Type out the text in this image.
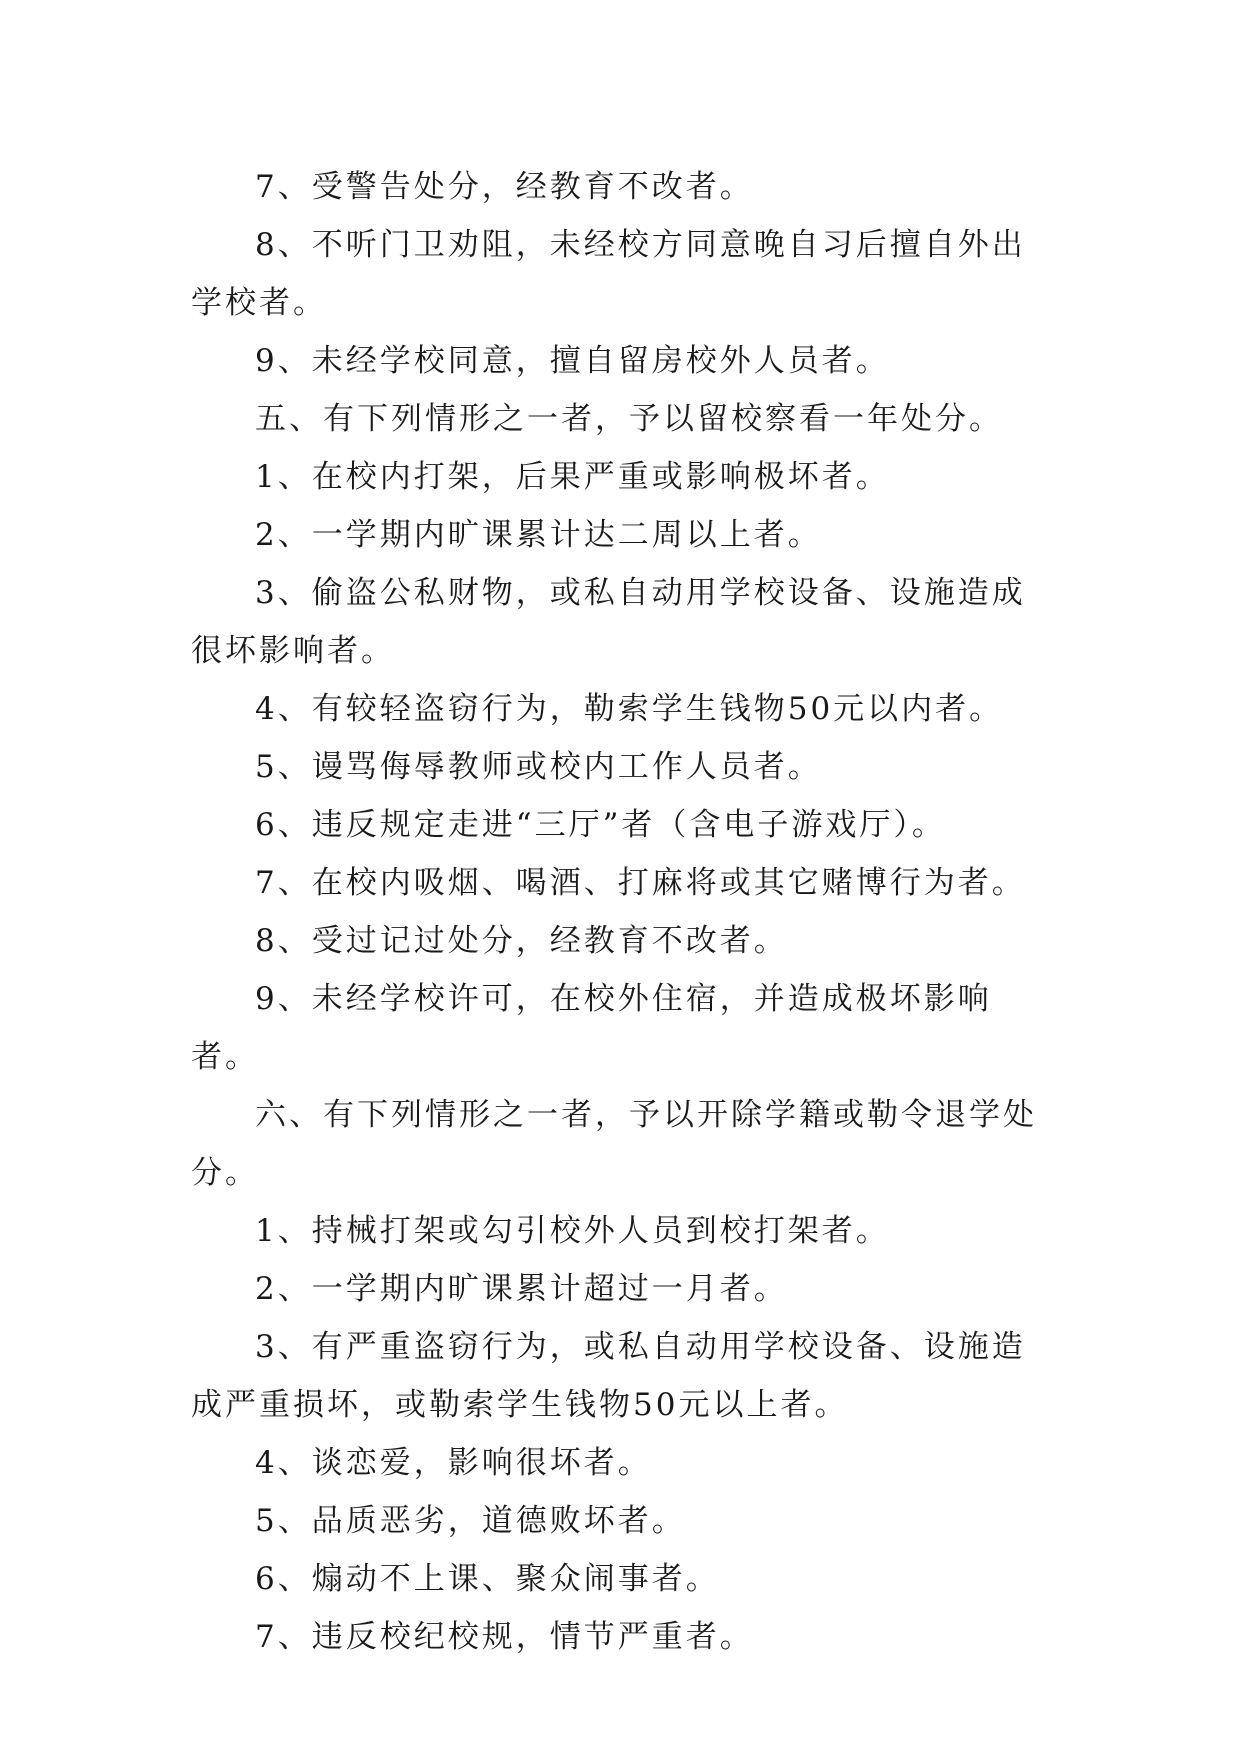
7、受警告处分，经教育不改者。

8、不听门卫劝阻，未经校方同意晚自习后擅自外出学校者。

9、未经学校同意，擅自留房校外人员者。

五、有下列情形之一者，予以留校察看一年处分。

1、在校内打架，后果严重或影响极坏者。

2、一学期内旷课累计达二周以上者。

3、偷盗公私财物，或私自动用学校设备、设施造成很坏影响者。

4、有较轻盗窃行为，勒索学生钱物50元以内者。

5、谩骂侮辱教师或校内工作人员者。

6、违反规定走进“三厅”者（含电子游戏厅）。

7、在校内吸烟、喝酒、打麻将或其它赌博行为者。

8、受过记过处分，经教育不改者。

9、未经学校许可，在校外住宿，并造成极坏影响者。

六、有下列情形之一者，予以开除学籍或勒令退学处分。

1、持械打架或勾引校外人员到校打架者。

2、一学期内旷课累计超过一月者。

3、有严重盗窃行为，或私自动用学校设备、设施造成严重损坏，或勒索学生钱物50元以上者。

4、谈恋爱，影响很坏者。

5、品质恶劣，道德败坏者。

6、煽动不上课、聚众闹事者。

7、违反校纪校规，情节严重者。
